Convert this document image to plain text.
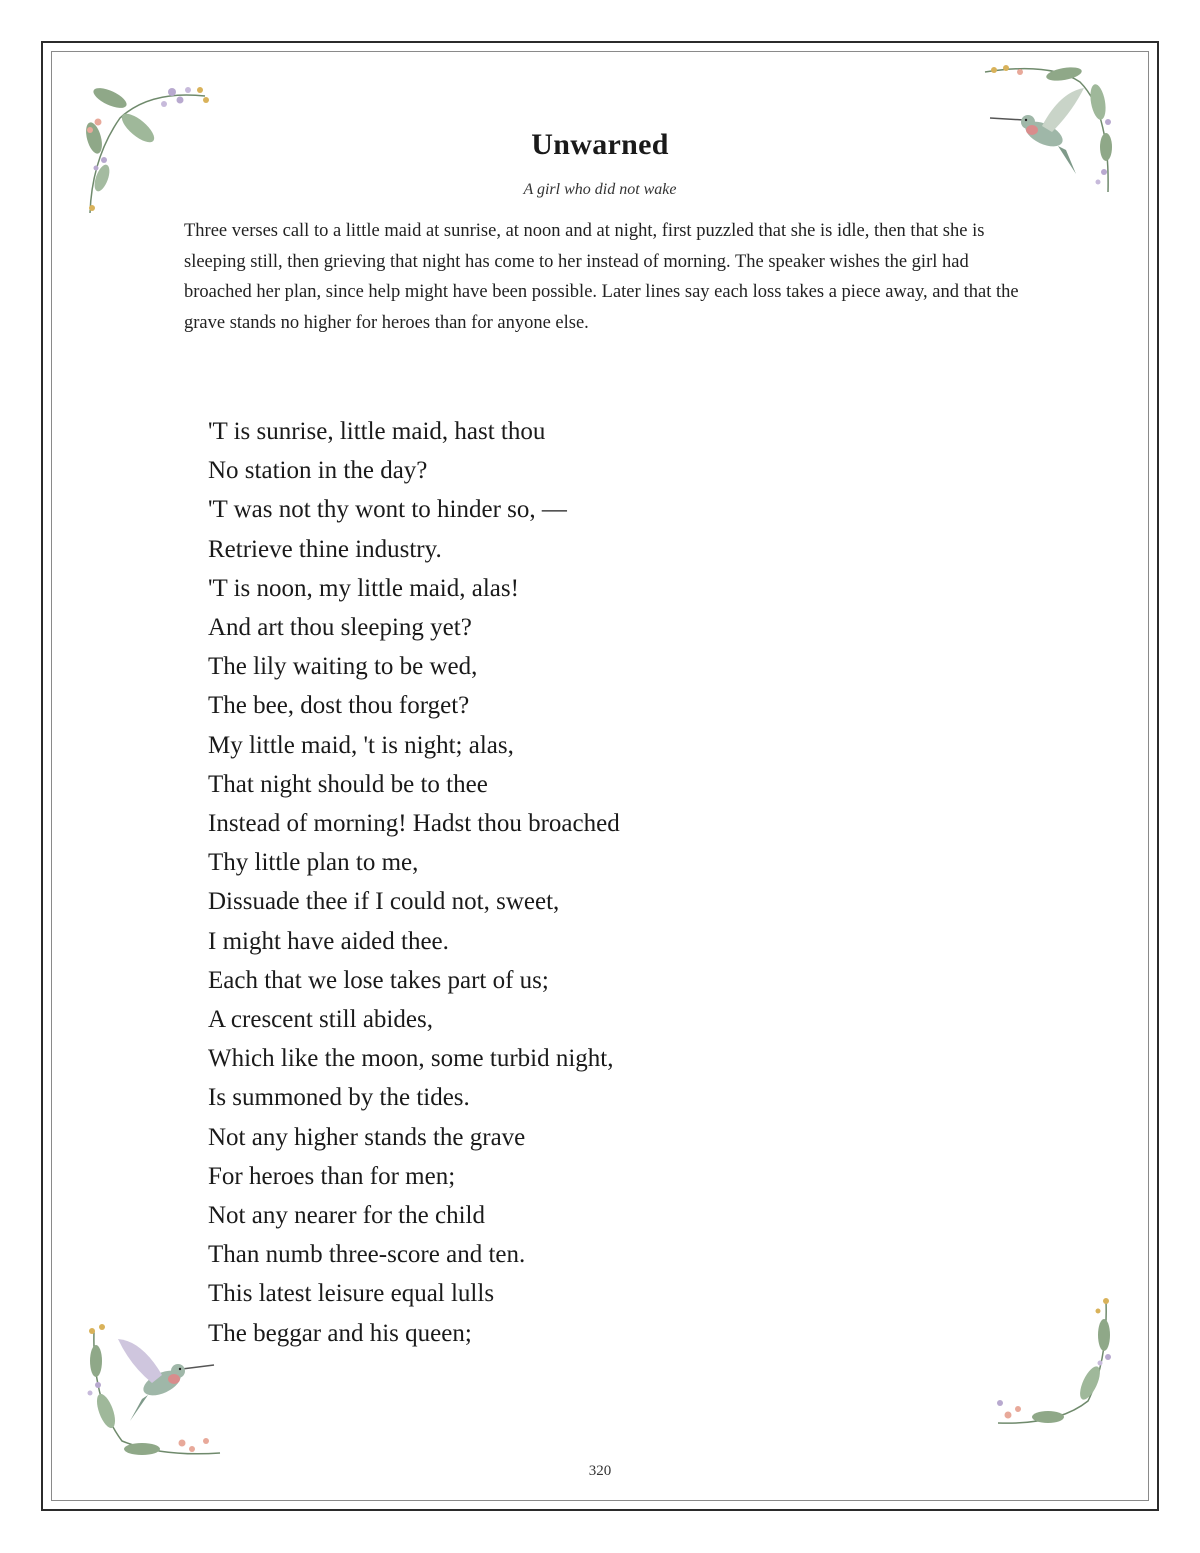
Unwarned
A girl who did not wake
Three verses call to a little maid at sunrise, at noon and at night, first puzzled that she is idle, then that she is sleeping still, then grieving that night has come to her instead of morning. The speaker wishes the girl had broached her plan, since help might have been possible. Later lines say each loss takes a piece away, and that the grave stands no higher for heroes than for anyone else.
'T is sunrise, little maid, hast thou
No station in the day?
'T was not thy wont to hinder so, —
Retrieve thine industry.
'T is noon, my little maid, alas!
And art thou sleeping yet?
The lily waiting to be wed,
The bee, dost thou forget?
My little maid, 't is night; alas,
That night should be to thee
Instead of morning! Hadst thou broached
Thy little plan to me,
Dissuade thee if I could not, sweet,
I might have aided thee.
Each that we lose takes part of us;
A crescent still abides,
Which like the moon, some turbid night,
Is summoned by the tides.
Not any higher stands the grave
For heroes than for men;
Not any nearer for the child
Than numb three-score and ten.
This latest leisure equal lulls
The beggar and his queen;
320
